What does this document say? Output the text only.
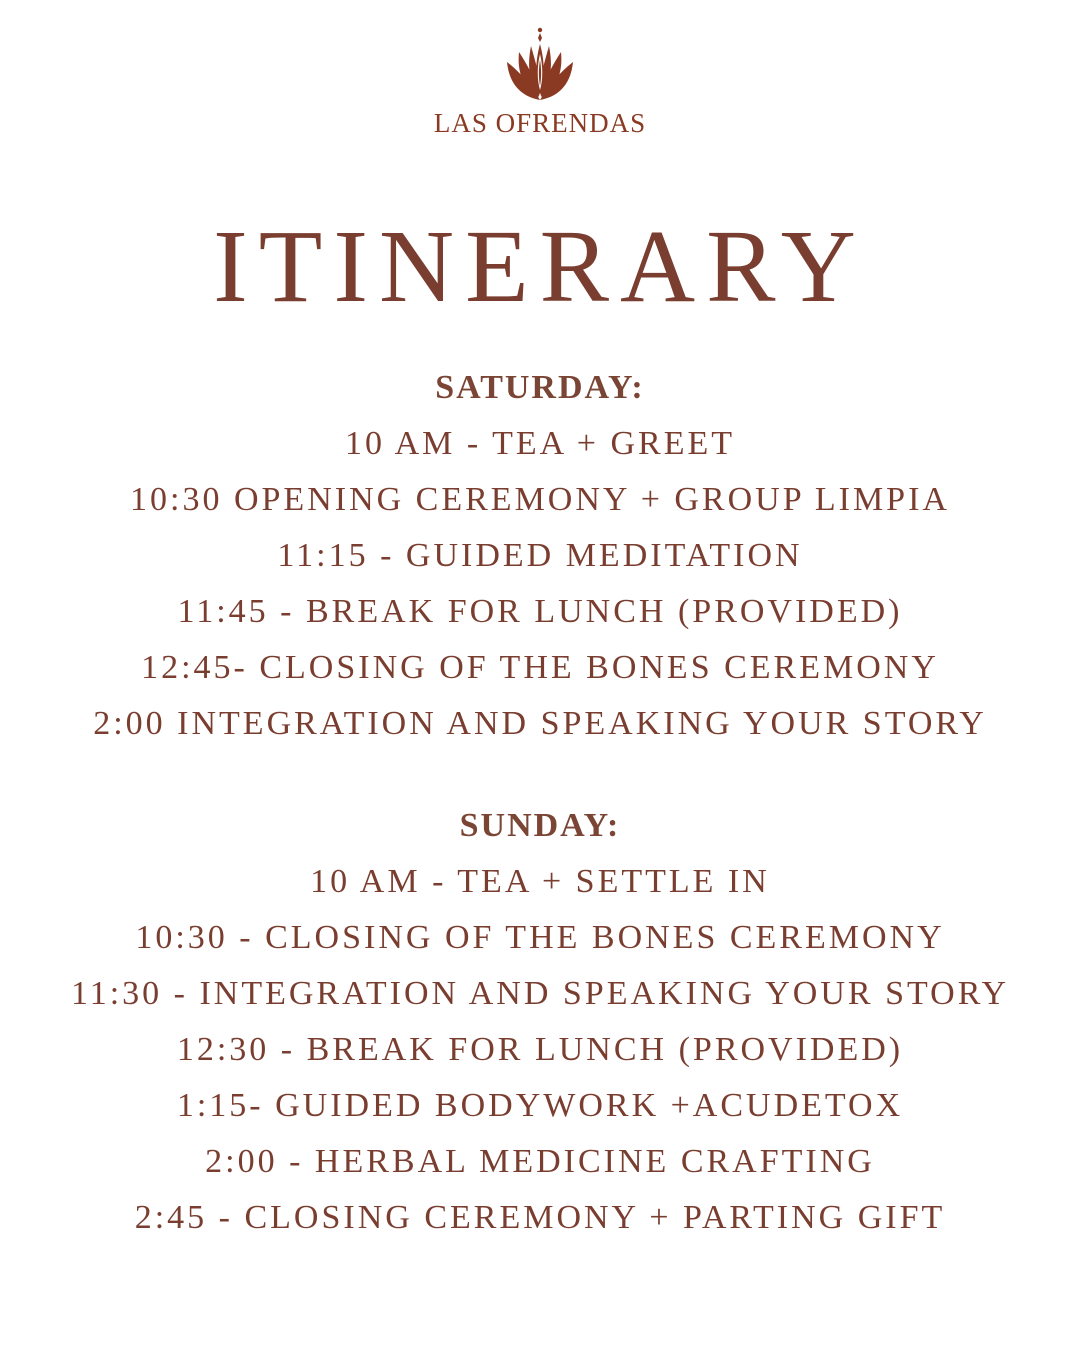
LAS OFRENDAS
ITINERARY
SATURDAY:
10 AM - TEA + GREET
10:30 OPENING CEREMONY + GROUP LIMPIA
11:15 - GUIDED MEDITATION
11:45 - BREAK FOR LUNCH (PROVIDED)
12:45- CLOSING OF THE BONES CEREMONY
2:00 INTEGRATION AND SPEAKING YOUR STORY
SUNDAY:
10 AM - TEA + SETTLE IN
10:30 - CLOSING OF THE BONES CEREMONY
11:30 - INTEGRATION AND SPEAKING YOUR STORY
12:30 - BREAK FOR LUNCH (PROVIDED)
1:15- GUIDED BODYWORK +ACUDETOX
2:00 - HERBAL MEDICINE CRAFTING
2:45 - CLOSING CEREMONY + PARTING GIFT
